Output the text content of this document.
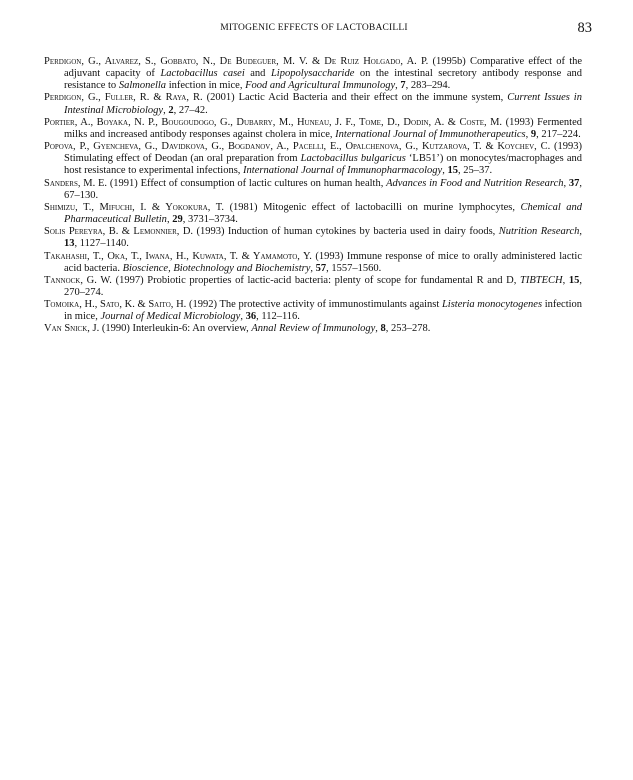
MITOGENIC EFFECTS OF LACTOBACILLI	83

Perdigon, G., Alvarez, S., Gobbato, N., De Budeguer, M. V. & De Ruiz Holgado, A. P. (1995b) Comparative effect of the adjuvant capacity of Lactobacillus casei and Lipopolysaccharide on the intestinal secretory antibody response and resistance to Salmonella infection in mice, Food and Agricultural Immunology, 7, 283–294.

Perdigon, G., Fuller, R. & Raya, R. (2001) Lactic Acid Bacteria and their effect on the immune system, Current Issues in Intestinal Microbiology, 2, 27–42.

Portier, A., Boyaka, N. P., Bougoudogo, G., Dubarry, M., Huneau, J. F., Tome, D., Dodin, A. & Coste, M. (1993) Fermented milks and increased antibody responses against cholera in mice, International Journal of Immunotherapeutics, 9, 217–224.

Popova, P., Gyencheva, G., Davidkova, G., Bogdanov, A., Pacelli, E., Opalchenova, G., Kutzarova, T. & Koychev, C. (1993) Stimulating effect of Deodan (an oral preparation from Lactobacillus bulgaricus ‘LB51’) on monocytes/macrophages and host resistance to experimental infections, International Journal of Immunopharmacology, 15, 25–37.

Sanders, M. E. (1991) Effect of consumption of lactic cultures on human health, Advances in Food and Nutrition Research, 37, 67–130.

Shimizu, T., Mifuchi, I. & Yokokura, T. (1981) Mitogenic effect of lactobacilli on murine lymphocytes, Chemical and Pharmaceutical Bulletin, 29, 3731–3734.

Solis Pereyra, B. & Lemonnier, D. (1993) Induction of human cytokines by bacteria used in dairy foods, Nutrition Research, 13, 1127–1140.

Takahashi, T., Oka, T., Iwana, H., Kuwata, T. & Yamamoto, Y. (1993) Immune response of mice to orally administered lactic acid bacteria. Bioscience, Biotechnology and Biochemistry, 57, 1557–1560.

Tannock, G. W. (1997) Probiotic properties of lactic-acid bacteria: plenty of scope for fundamental R and D, TIBTECH, 15, 270–274.

Tomoika, H., Sato, K. & Saito, H. (1992) The protective activity of immunostimulants against Listeria monocytogenes infection in mice, Journal of Medical Microbiology, 36, 112–116.

Van Snick, J. (1990) Interleukin-6: An overview, Annal Review of Immunology, 8, 253–278.
